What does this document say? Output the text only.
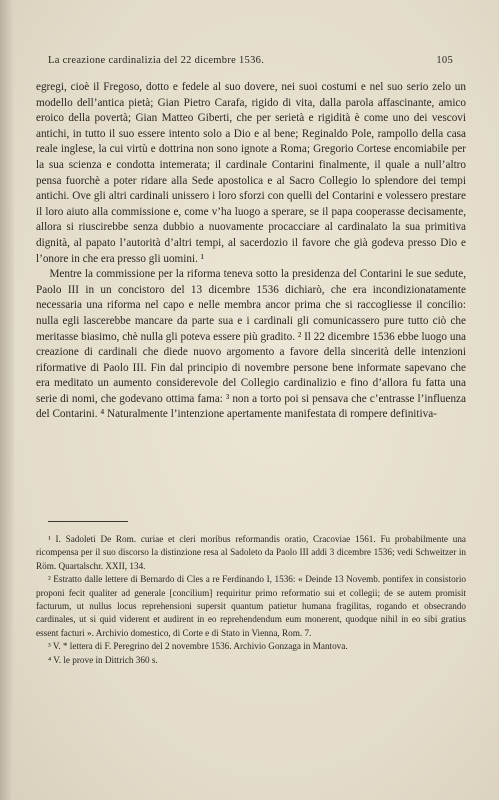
La creazione cardinalizia del 22 dicembre 1536.	105

egregi, cioè il Fregoso, dotto e fedele al suo dovere, nei suoi costumi e nel suo serio zelo un modello dell’antica pietà; Gian Pietro Carafa, rigido di vita, dalla parola affascinante, amico eroico della povertà; Gian Matteo Giberti, che per serietà e rigidità è come uno dei vescovi antichi, in tutto il suo essere intento solo a Dio e al bene; Reginaldo Pole, rampollo della casa reale inglese, la cui virtù e dottrina non sono ignote a Roma; Gregorio Cortese encomiabile per la sua scienza e condotta intemerata; il cardinale Contarini finalmente, il quale a null’altro pensa fuorchè a poter ridare alla Sede apostolica e al Sacro Collegio lo splendore dei tempi antichi. Ove gli altri cardinali unissero i loro sforzi con quelli del Contarini e volessero prestare il loro aiuto alla commissione e, come v’ha luogo a sperare, se il papa cooperasse decisamente, allora si riuscirebbe senza dubbio a nuovamente procacciare al cardinalato la sua primitiva dignità, al papato l’autorità d’altri tempi, al sacerdozio il favore che già godeva presso Dio e l’onore in che era presso gli uomini. ¹

Mentre la commissione per la riforma teneva sotto la presidenza del Contarini le sue sedute, Paolo III in un concistoro del 13 dicembre 1536 dichiarò, che era incondizionatamente necessaria una riforma nel capo e nelle membra ancor prima che si raccogliesse il concilio: nulla egli lascerebbe mancare da parte sua e i cardinali gli comunicassero pure tutto ciò che meritasse biasimo, chè nulla gli poteva essere più gradito. ² Il 22 dicembre 1536 ebbe luogo una creazione di cardinali che diede nuovo argomento a favore della sincerità delle intenzioni riformative di Paolo III. Fin dal principio di novembre persone bene informate sapevano che era meditato un aumento considerevole del Collegio cardinalizio e fino d’allora fu fatta una serie di nomi, che godevano ottima fama: ³ non a torto poi si pensava che c’entrasse l’influenza del Contarini. ⁴ Naturalmente l’intenzione apertamente manifestata di rompere definitiva-

¹ I. Sadoleti De Rom. curiae et cleri moribus reformandis oratio, Cracoviae 1561. Fu probabilmente una ricompensa per il suo discorso la distinzione resa al Sadoleto da Paolo III addì 3 dicembre 1536; vedi Schweitzer in Röm. Quartalschr. XXII, 134.

² Estratto dalle lettere di Bernardo di Cles a re Ferdinando I, 1536: « Deinde 13 Novemb. pontifex in consistorio proponi fecit qualiter ad generale [concilium] requiritur primo reformatio sui et collegii; de se autem promisit facturum, ut nullus locus reprehensioni supersit quantum patietur humana fragilitas, rogando et obsecrando cardinales, ut si quid viderent et audirent in eo reprehendendum eum monerent, quodque nihil in eo sibi gratius essent facturi ». Archivio domestico, di Corte e di Stato in Vienna, Rom. 7.

³ V. * lettera di F. Peregrino del 2 novembre 1536. Archivio Gonzaga in Mantova.

⁴ V. le prove in Dittrich 360 s.
